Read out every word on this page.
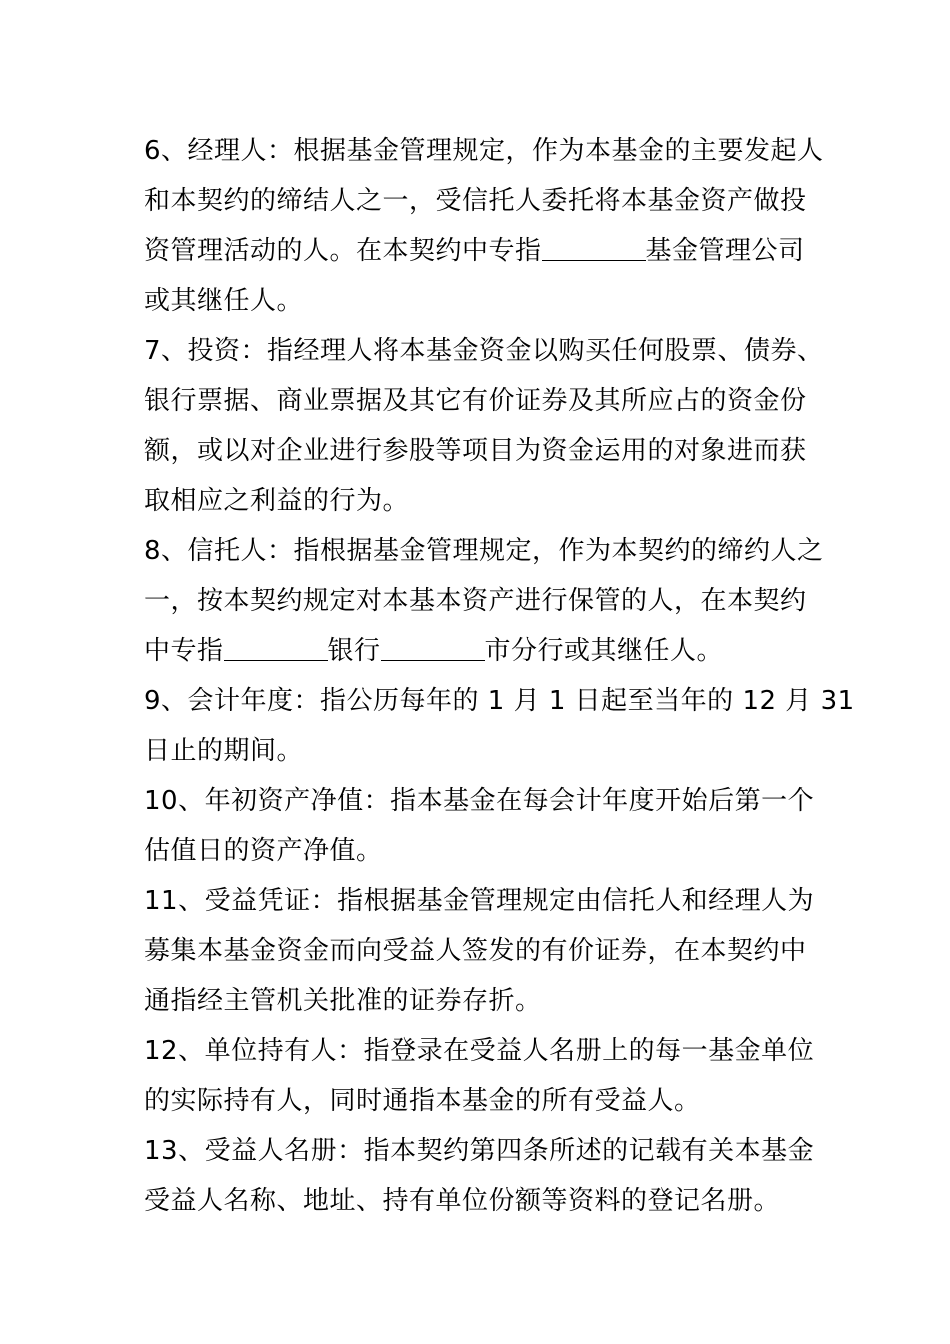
6、经理人：根据基金管理规定，作为本基金的主要发起人
和本契约的缔结人之一，受信托人委托将本基金资产做投
资管理活动的人。在本契约中专指	基金管理公司
或其继任人。
7、投资：指经理人将本基金资金以购买任何股票、债券、
银行票据、商业票据及其它有价证券及其所应占的资金份
额，或以对企业进行参股等项目为资金运用的对象进而获
取相应之利益的行为。
8、信托人：指根据基金管理规定，作为本契约的缔约人之
一，按本契约规定对本基本资产进行保管的人，在本契约
中专指	银行	市分行或其继任人。
9、会计年度：指公历每年的 1 月 1 日起至当年的 12 月 31
日止的期间。
10、年初资产净值：指本基金在每会计年度开始后第一个
估值日的资产净值。
11、受益凭证：指根据基金管理规定由信托人和经理人为
募集本基金资金而向受益人签发的有价证券，在本契约中
通指经主管机关批准的证券存折。
12、单位持有人：指登录在受益人名册上的每一基金单位
的实际持有人，同时通指本基金的所有受益人。
13、受益人名册：指本契约第四条所述的记载有关本基金
受益人名称、地址、持有单位份额等资料的登记名册。
